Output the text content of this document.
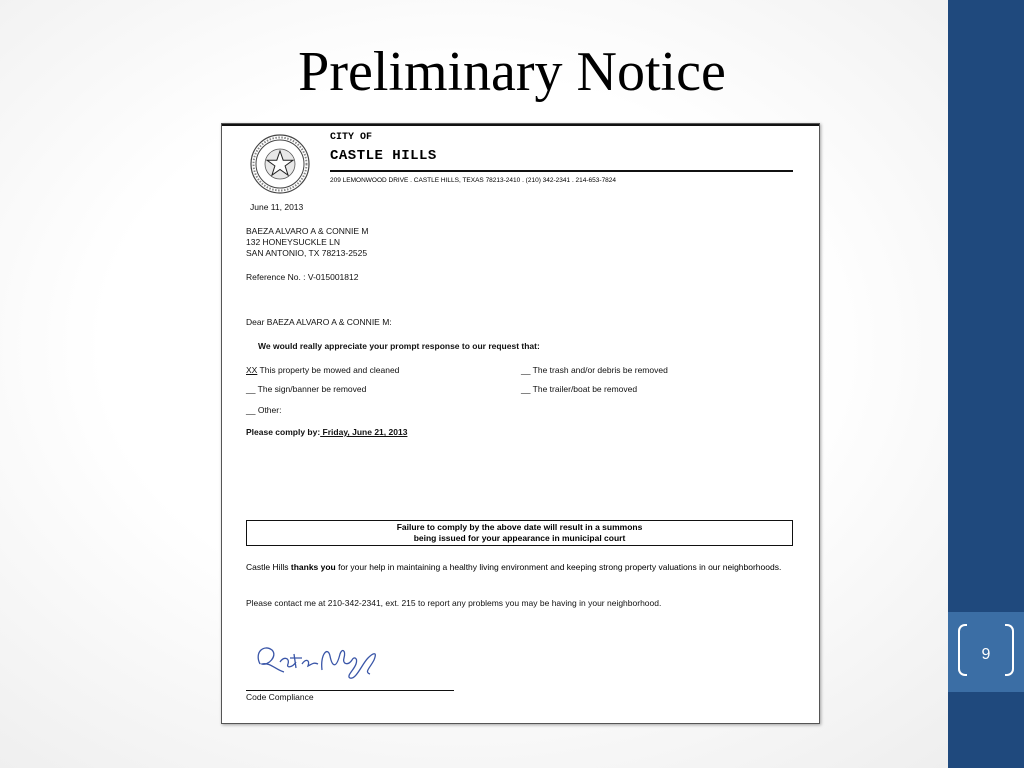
Preliminary Notice
9
CITY OF
CASTLE HILLS
209 LEMONWOOD DRIVE . CASTLE HILLS, TEXAS 78213-2410 . (210) 342-2341 . 214-653-7824
June 11, 2013
BAEZA ALVARO A & CONNIE M
132 HONEYSUCKLE LN
SAN ANTONIO, TX 78213-2525
Reference No. : V-015001812
Dear BAEZA ALVARO A & CONNIE M:
We would really appreciate your prompt response to our request that:
XX This property be mowed and cleaned	__ The trash and/or debris be removed
__ The sign/banner be removed	__ The trailer/boat be removed
__ Other:
Please comply by: Friday, June 21, 2013
Failure to comply by the above date will result in a summons
being issued for your appearance in municipal court
Castle Hills thanks you for your help in maintaining a healthy living environment and keeping strong property valuations in our neighborhoods.
Please contact me at 210-342-2341, ext. 215 to report any problems you may be having in your neighborhood.
Code Compliance
